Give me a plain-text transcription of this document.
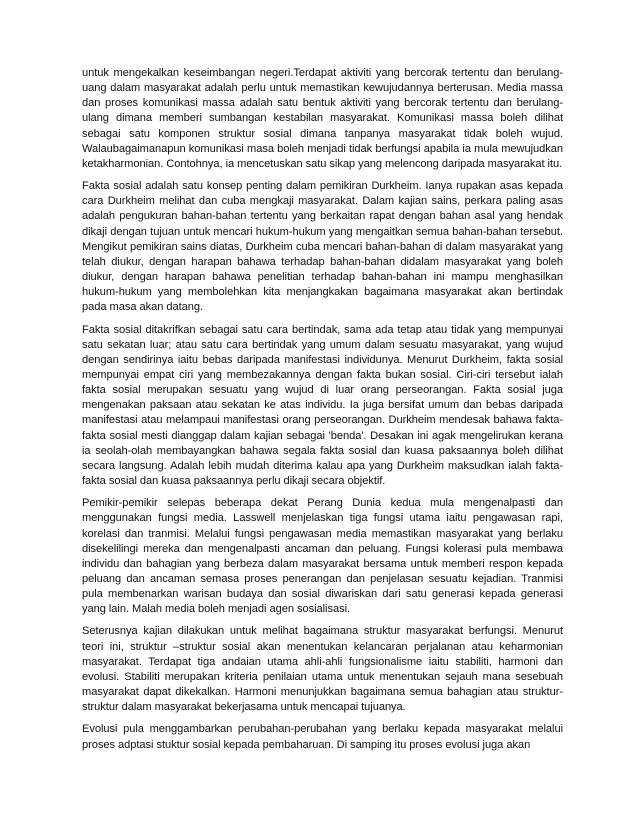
untuk mengekalkan keseimbangan negeri.Terdapat aktiviti yang bercorak tertentu dan berulang-uang dalam masyarakat adalah perlu untuk memastikan kewujudannya berterusan. Media massa dan proses komunikasi massa adalah satu bentuk aktiviti yang bercorak tertentu dan berulang-ulang dimana memberi sumbangan kestabilan masyarakat. Komunikasi massa boleh dilihat sebagai satu komponen struktur sosial dimana tanpanya masyarakat tidak boleh wujud. Walaubagaimanapun komunikasi masa boleh menjadi tidak berfungsi apabila ia mula mewujudkan ketakharmonian. Contohnya, ia mencetuskan satu sikap yang melencong daripada masyarakat itu.

Fakta sosial adalah satu konsep penting dalam pemikiran Durkheim. Ianya rupakan asas kepada cara Durkheim melihat dan cuba mengkaji masyarakat. Dalam kajian sains, perkara paling asas adalah pengukuran bahan-bahan tertentu yang berkaitan rapat dengan bahan asal yang hendak dikaji dengan tujuan untuk mencari hukum-hukum yang mengaitkan semua bahan-bahan tersebut. Mengikut pemikiran sains diatas, Durkheim cuba mencari bahan-bahan di dalam masyarakat yang telah diukur, dengan harapan bahawa terhadap bahan-bahan didalam masyarakat yang boleh diukur, dengan harapan bahawa penelitian terhadap bahan-bahan ini mampu menghasilkan hukum-hukum yang membolehkan kita menjangkakan bagaimana masyarakat akan bertindak pada masa akan datang.

Fakta sosial ditakrifkan sebagai satu cara bertindak, sama ada tetap atau tidak yang mempunyai satu sekatan luar; atau satu cara bertindak yang umum dalam sesuatu masyarakat, yang wujud dengan sendirinya iaitu bebas daripada manifestasi individunya. Menurut Durkheim, fakta sosial mempunyai empat ciri yang membezakannya dengan fakta bukan sosial. Ciri-ciri tersebut ialah fakta sosial merupakan sesuatu yang wujud di luar orang perseorangan. Fakta sosial juga mengenakan paksaan atau sekatan ke atas individu. Ia juga bersifat umum dan bebas daripada manifestasi atau melampaui manifestasi orang perseorangan. Durkheim mendesak bahawa fakta-fakta sosial mesti dianggap dalam kajian sebagai 'benda'. Desakan ini agak mengelirukan kerana ia seolah-olah membayangkan bahawa segala fakta sosial dan kuasa paksaannya boleh dilihat secara langsung. Adalah lebih mudah diterima kalau apa yang Durkheim maksudkan ialah fakta-fakta sosial dan kuasa paksaannya perlu dikaji secara objektif.

Pemikir-pemikir selepas beberapa dekat Perang Dunia kedua mula mengenalpasti dan menggunakan fungsi media. Lasswell menjelaskan tiga fungsi utama iaitu pengawasan rapi, korelasi dan tranmisi. Melalui fungsi pengawasan media memastikan masyarakat yang berlaku disekelilingi mereka dan mengenalpasti ancaman dan peluang. Fungsi kolerasi pula membawa individu dan bahagian yang berbeza dalam masyarakat bersama untuk memberi respon kepada peluang dan ancaman semasa proses penerangan dan penjelasan sesuatu kejadian. Tranmisi pula membenarkan warisan budaya dan sosial diwariskan dari satu generasi kepada generasi yang lain. Malah media boleh menjadi agen sosialisasi.

Seterusnya kajian dilakukan untuk melihat bagaimana struktur masyarakat berfungsi. Menurut teori ini, struktur –struktur sosial akan menentukan kelancaran perjalanan atau keharmonian masyarakat. Terdapat tiga andaian utama ahli-ahli fungsionalisme iaitu stabiliti, harmoni dan evolusi. Stabiliti merupakan kriteria penilaian utama untuk menentukan sejauh mana sesebuah masyarakat dapat dikekalkan. Harmoni menunjukkan bagaimana semua bahagian atau struktur-struktur dalam masyarakat bekerjasama untuk mencapai tujuanya.

Evolusi pula menggambarkan perubahan-perubahan yang berlaku kepada masyarakat melalui proses adptasi stuktur sosial kepada pembaharuan. Di samping itu proses evolusi juga akan
